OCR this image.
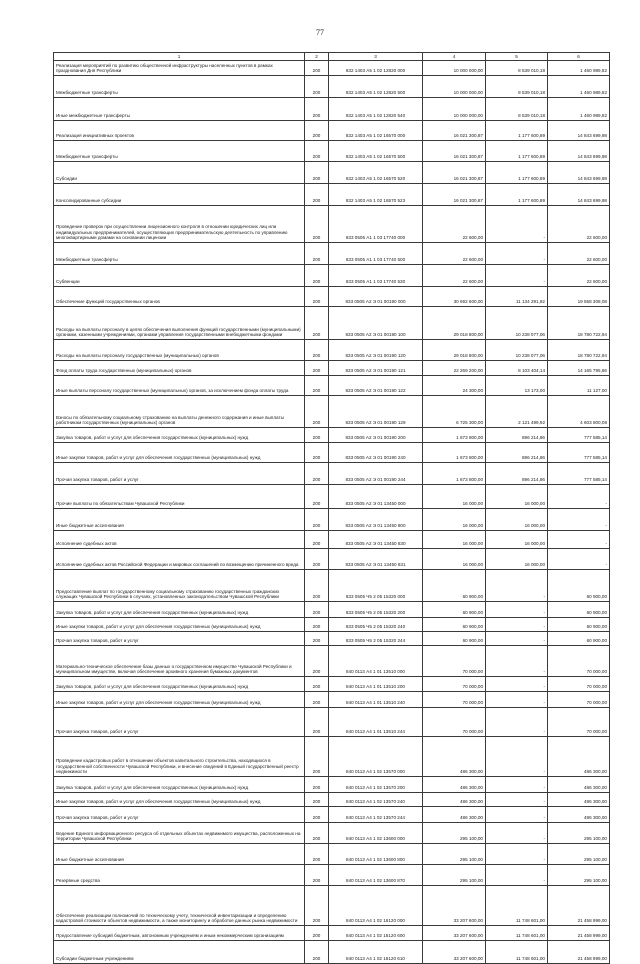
77
1	2	3	4	5	6
Реализация мероприятий по развитию общественной инфраструктуры населенных пунктов в рамках празднования Дня Республики	200	832 1403 А5 1 02 12820 000	10 000 000,00	8 539 010,18	1 460 989,82
Межбюджетные трансферты	200	832 1403 А5 1 02 12820 500	10 000 000,00	8 539 010,18	1 460 989,82
Иные межбюджетные трансферты	200	832 1403 А5 1 02 12820 540	10 000 000,00	8 539 010,18	1 460 989,82
Реализация инициативных проектов	200	832 1403 А5 1 02 16570 000	16 021 300,87	1 177 600,89	14 843 699,98
Межбюджетные трансферты	200	832 1403 А5 1 02 16570 500	16 021 300,87	1 177 600,89	14 843 699,98
Субсидии	200	832 1403 А5 1 02 16570 520	16 021 300,87	1 177 600,89	14 843 699,98
Консолидированные субсидии	200	832 1403 А5 1 02 16570 523	16 021 300,87	1 177 600,89	14 843 699,98
Проведение проверок при осуществлении лицензионного контроля в отношении юридических лиц или индивидуальных предпринимателей, осуществляющих предпринимательскую деятельность по управлению многоквартирными домами на основании лицензии	200	833 0505 А1 1 03 17740 000	22 600,00	-	22 600,00
Межбюджетные трансферты	200	833 0505 А1 1 03 17740 500	22 600,00	-	22 600,00
Субвенции	200	833 0505 А1 1 03 17740 530	22 600,00	-	22 600,00
Обеспечение функций государственных органов	200	833 0505 А2 Э 01 00190 000	30 692 600,00	11 134 291,92	19 558 308,08
Расходы на выплаты персоналу в целях обеспечения выполнения функций государственными (муниципальными) органами, казенными учреждениями, органами управления государственными внебюджетными фондами	200	833 0505 А2 Э 01 00190 100	29 018 800,00	10 238 077,06	18 780 722,94
Расходы на выплаты персоналу государственных (муниципальных) органов	200	833 0505 А2 Э 01 00190 120	29 018 800,00	10 238 077,06	18 780 722,94
Фонд оплаты труда государственных (муниципальных) органов	200	833 0505 А2 Э 01 00190 121	22 269 200,00	8 103 404,14	14 165 795,86
Иные выплаты персоналу государственных (муниципальных) органов, за исключением фонда оплаты труда	200	833 0505 А2 Э 01 00190 122	24 300,00	13 173,00	11 127,00
Взносы по обязательному социальному страхованию на выплаты денежного содержания и иные выплаты работникам государственных (муниципальных) органов	200	833 0505 А2 Э 01 00190 129	6 725 300,00	2 121 499,92	4 603 800,08
Закупка товаров, работ и услуг для обеспечения государственных (муниципальных) нужд	200	833 0505 А2 Э 01 00190 200	1 673 800,00	896 214,86	777 585,14
Иные закупки товаров, работ и услуг для обеспечения государственных (муниципальных) нужд	200	833 0505 А2 Э 01 00190 240	1 673 800,00	896 214,86	777 585,14
Прочая закупка товаров, работ и услуг	200	833 0505 А2 Э 01 00190 244	1 673 800,00	896 214,86	777 585,14
Прочие выплаты по обязательствам Чувашской Республики	200	833 0505 А2 Э 01 13450 000	16 000,00	16 000,00	-
Иные бюджетные ассигнования	200	833 0505 А2 Э 01 13450 800	16 000,00	16 000,00	-
Исполнение судебных актов	200	833 0505 А2 Э 01 13450 830	16 000,00	16 000,00	-
Исполнение судебных актов Российской Федерации и мировых соглашений по возмещению причиненного вреда	200	833 0505 А2 Э 01 13450 831	16 000,00	16 000,00	-
Предоставление выплат по государственному социальному страхованию государственных гражданских служащих Чувашской Республики в случаях, установленных законодательством Чувашской Республики	200	833 0505 Ч5 2 05 15320 000	60 900,00	-	60 900,00
Закупка товаров, работ и услуг для обеспечения государственных (муниципальных) нужд	200	833 0505 Ч5 2 05 15320 200	60 900,00	-	60 900,00
Иные закупки товаров, работ и услуг для обеспечения государственных (муниципальных) нужд	200	833 0505 Ч5 2 05 15320 240	60 900,00	-	60 900,00
Прочая закупка товаров, работ и услуг	200	833 0505 Ч5 2 05 15320 244	60 900,00	-	60 900,00
Материально-техническое обеспечение базы данных о государственном имуществе Чувашской Республики и муниципальном имуществе, включая обеспечение архивного хранения бумажных документов	200	840 0113 А4 1 01 13510 000	70 000,00	-	70 000,00
Закупка товаров, работ и услуг для обеспечения государственных (муниципальных) нужд	200	840 0113 А4 1 01 13510 200	70 000,00	-	70 000,00
Иные закупки товаров, работ и услуг для обеспечения государственных (муниципальных) нужд	200	840 0113 А4 1 01 13510 240	70 000,00	-	70 000,00
Прочая закупка товаров, работ и услуг	200	840 0113 А4 1 01 13510 244	70 000,00	-	70 000,00
Проведение кадастровых работ в отношении объектов капитального строительства, находящихся в государственной собственности Чувашской Республики, и внесение сведений в Единый государственный реестр недвижимости	200	840 0113 А4 1 02 13570 000	486 300,00	-	486 300,00
Закупка товаров, работ и услуг для обеспечения государственных (муниципальных) нужд	200	840 0113 А4 1 02 13570 200	486 300,00	-	486 300,00
Иные закупки товаров, работ и услуг для обеспечения государственных (муниципальных) нужд	200	840 0113 А4 1 02 13570 240	486 300,00	-	486 300,00
Прочая закупка товаров, работ и услуг	200	840 0113 А4 1 02 13570 244	486 300,00	-	486 300,00
Ведение Единого информационного ресурса об отдельных объектах недвижимого имущества, расположенных на территории Чувашской Республики	200	840 0113 А4 1 02 13600 000	295 100,00	-	295 100,00
Иные бюджетные ассигнования	200	840 0113 А4 1 02 13600 800	295 100,00	-	295 100,00
Резервные средства	200	840 0113 А4 1 02 13600 870	295 100,00	-	295 100,00
Обеспечение реализации полномочий по техническому учету, технической инвентаризации и определению кадастровой стоимости объектов недвижимости, а также мониторингу и обработке данных рынка недвижимости	200	840 0113 А4 1 02 16120 000	33 207 600,00	11 748 601,00	21 458 999,00
Предоставление субсидий бюджетным, автономным учреждениям и иным некоммерческим организациям	200	840 0113 А4 1 02 16120 600	33 207 600,00	11 748 601,00	21 458 999,00
Субсидии бюджетным учреждениям	200	840 0113 А4 1 02 16120 610	33 207 600,00	11 748 601,00	21 458 999,00
